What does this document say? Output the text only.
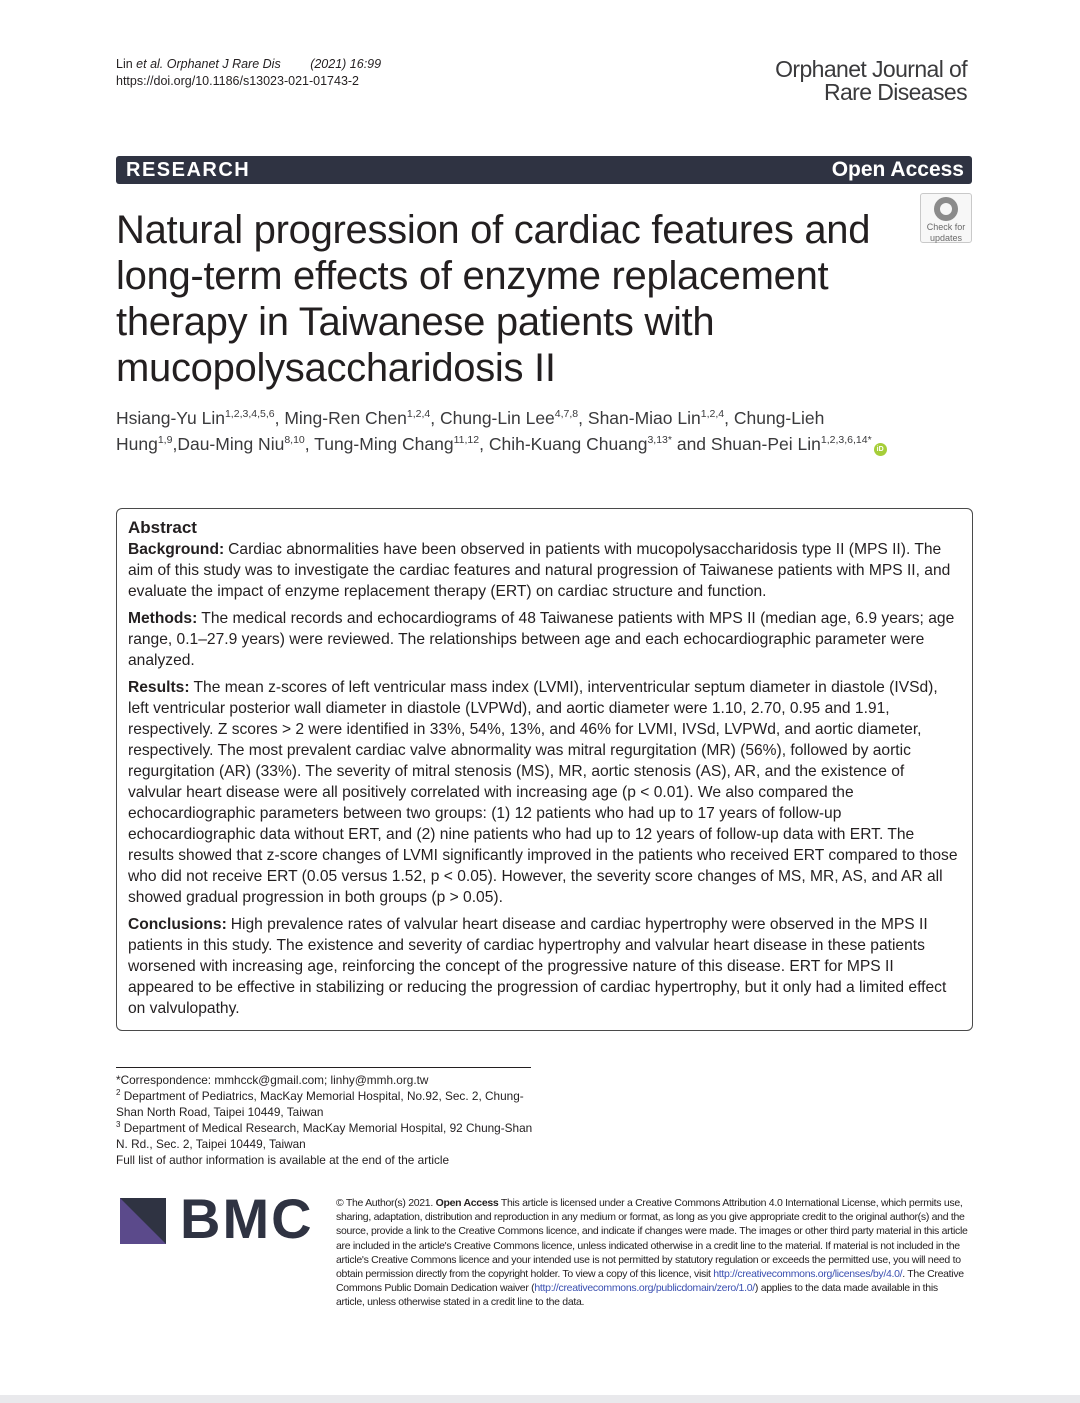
Lin et al. Orphanet J Rare Dis (2021) 16:99
https://doi.org/10.1186/s13023-021-01743-2	Orphanet Journal of
Rare Diseases
RESEARCH	Open Access
Check for
updates
Natural progression of cardiac features and long-term effects of enzyme replacement therapy in Taiwanese patients with mucopolysaccharidosis II
Hsiang-Yu Lin$^{1,2,3,4,5,6}$, Ming-Ren Chen$^{1,2,4}$, Chung-Lin Lee$^{4,7,8}$, Shan-Miao Lin$^{1,2,4}$, Chung-Lieh Hung$^{1,9}$,Dau-Ming Niu$^{8,10}$, Tung-Ming Chang$^{11,12}$, Chih-Kuang Chuang$^{3,13*}$ and Shuan-Pei Lin$^{1,2,3,6,14*}$iD
Abstract

Background: Cardiac abnormalities have been observed in patients with mucopolysaccharidosis type II (MPS II). The aim of this study was to investigate the cardiac features and natural progression of Taiwanese patients with MPS II, and evaluate the impact of enzyme replacement therapy (ERT) on cardiac structure and function.

Methods: The medical records and echocardiograms of 48 Taiwanese patients with MPS II (median age, 6.9 years; age range, 0.1–27.9 years) were reviewed. The relationships between age and each echocardiographic parameter were analyzed.

Results: The mean z-scores of left ventricular mass index (LVMI), interventricular septum diameter in diastole (IVSd), left ventricular posterior wall diameter in diastole (LVPWd), and aortic diameter were 1.10, 2.70, 0.95 and 1.91, respectively. Z scores > 2 were identified in 33%, 54%, 13%, and 46% for LVMI, IVSd, LVPWd, and aortic diameter, respectively. The most prevalent cardiac valve abnormality was mitral regurgitation (MR) (56%), followed by aortic regurgitation (AR) (33%). The severity of mitral stenosis (MS), MR, aortic stenosis (AS), AR, and the existence of valvular heart disease were all positively correlated with increasing age (p < 0.01). We also compared the echocardiographic parameters between two groups: (1) 12 patients who had up to 17 years of follow-up echocardiographic data without ERT, and (2) nine patients who had up to 12 years of follow-up data with ERT. The results showed that z-score changes of LVMI significantly improved in the patients who received ERT compared to those who did not receive ERT (0.05 versus 1.52, p < 0.05). However, the severity score changes of MS, MR, AS, and AR all showed gradual progression in both groups (p > 0.05).

Conclusions: High prevalence rates of valvular heart disease and cardiac hypertrophy were observed in the MPS II patients in this study. The existence and severity of cardiac hypertrophy and valvular heart disease in these patients worsened with increasing age, reinforcing the concept of the progressive nature of this disease. ERT for MPS II appeared to be effective in stabilizing or reducing the progression of cardiac hypertrophy, but it only had a limited effect on valvulopathy.

*Correspondence: mmhcck@gmail.com; linhy@mmh.org.tw
$^2$ Department of Pediatrics, MacKay Memorial Hospital, No.92, Sec. 2, Chung-Shan North Road, Taipei 10449, Taiwan
$^3$ Department of Medical Research, MacKay Memorial Hospital, 92 Chung-Shan N. Rd., Sec. 2, Taipei 10449, Taiwan
Full list of author information is available at the end of the article
BMC © The Author(s) 2021. Open Access This article is licensed under a Creative Commons Attribution 4.0 International License, which permits use, sharing, adaptation, distribution and reproduction in any medium or format, as long as you give appropriate credit to the original author(s) and the source, provide a link to the Creative Commons licence, and indicate if changes were made. The images or other third party material in this article are included in the article's Creative Commons licence, unless indicated otherwise in a credit line to the material. If material is not included in the article's Creative Commons licence and your intended use is not permitted by statutory regulation or exceeds the permitted use, you will need to obtain permission directly from the copyright holder. To view a copy of this licence, visit http://creativecommons.org/licenses/by/4.0/. The Creative Commons Public Domain Dedication waiver (http://creativecommons.org/publicdomain/zero/1.0/) applies to the data made available in this article, unless otherwise stated in a credit line to the data.
